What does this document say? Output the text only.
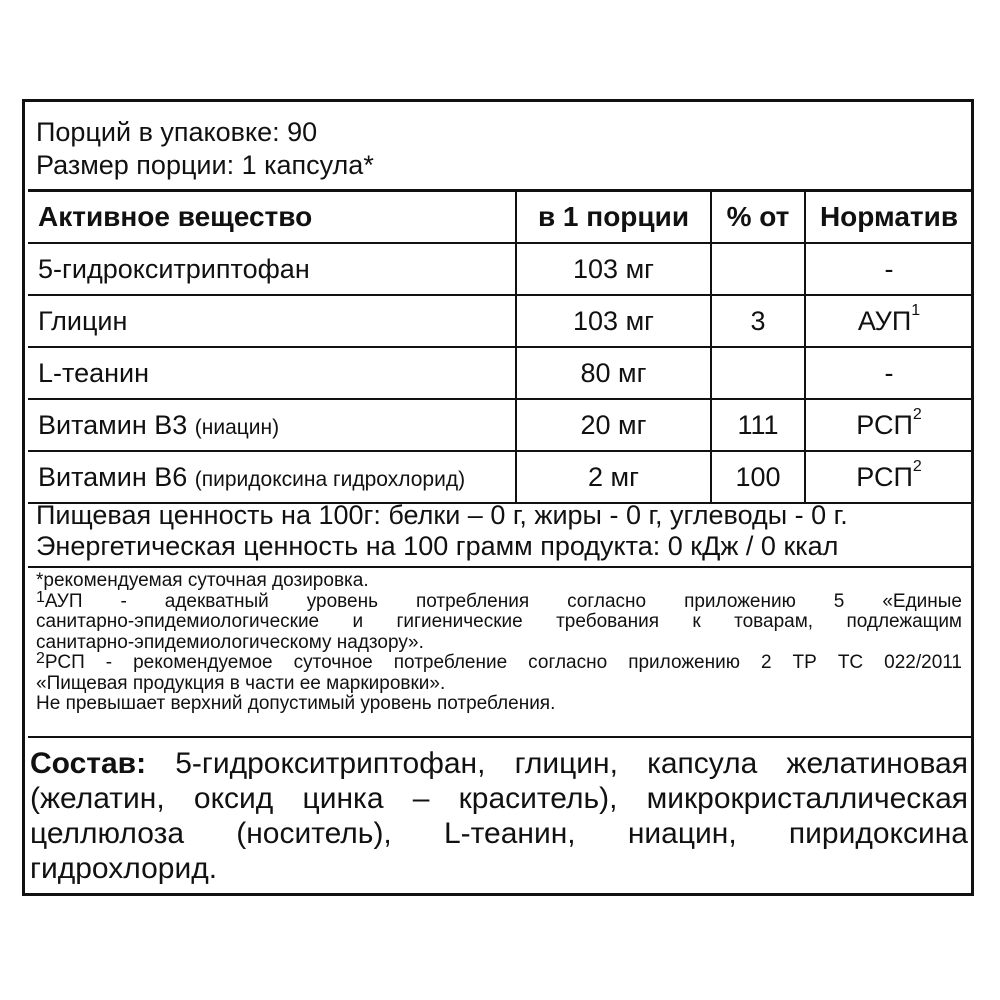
Порций в упаковке: 90
Размер порции: 1 капсула*
Активное вещество	в 1 порции	% от	Норматив
5-гидрокситриптофан	103 мг		-
Глицин	103 мг	3	АУП$^1$
L-теанин	80 мг		-
Витамин В3 (ниацин)	20 мг	111	РСП$^2$
Витамин В6 (пиридоксина гидрохлорид)	2 мг	100	РСП$^2$
Пищевая ценность на 100г: белки – 0 г, жиры - 0 г, углеводы - 0 г.
Энергетическая ценность на 100 грамм продукта: 0 кДж / 0 ккал
*рекомендуемая суточная дозировка.
$^1$АУП - адекватный уровень потребления согласно приложению 5 «Единые
санитарно-эпидемиологические и гигиенические требования к товарам, подлежащим
санитарно-эпидемиологическому надзору».
$^2$РСП - рекомендуемое суточное потребление согласно приложению 2 ТР ТС 022/2011
«Пищевая продукция в части ее маркировки».
Не превышает верхний допустимый уровень потребления.
Состав: 5-гидрокситриптофан, глицин, капсула желатиновая
(желатин, оксид цинка – краситель), микрокристаллическая
целлюлоза (носитель), L-теанин, ниацин, пиридоксина
гидрохлорид.
